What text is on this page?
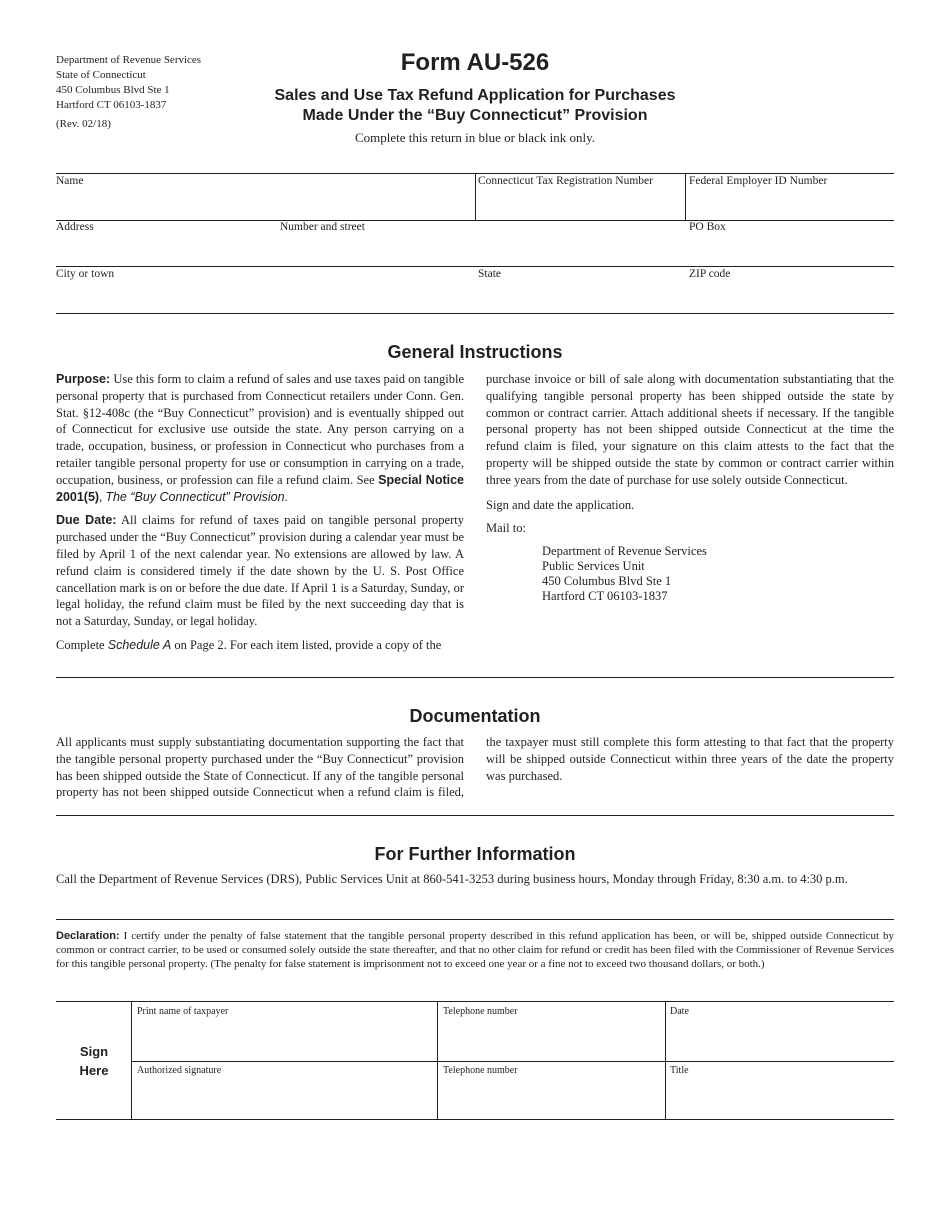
Department of Revenue Services
State of Connecticut
450 Columbus Blvd Ste 1
Hartford CT 06103-1837
(Rev. 02/18)
Form AU-526
Sales and Use Tax Refund Application for Purchases
Made Under the “Buy Connecticut” Provision
Complete this return in blue or black ink only.
Name	Connecticut Tax Registration Number	Federal Employer ID Number
Address	Number and street	PO Box
City or town	State	ZIP code
General Instructions

Purpose: Use this form to claim a refund of sales and use taxes paid on tangible personal property that is purchased from Connecticut retailers under Conn. Gen. Stat. §12-408c (the “Buy Connecticut” provision) and is eventually shipped out of Connecticut for exclusive use outside the state. Any person carrying on a trade, occupation, business, or profession in Connecticut who purchases from a retailer tangible personal property for use or consumption in carrying on a trade, occupation, business, or profession can file a refund claim. See Special Notice 2001(5), The “Buy Connecticut” Provision.

Due Date: All claims for refund of taxes paid on tangible personal property purchased under the “Buy Connecticut” provision during a calendar year must be filed by April 1 of the next calendar year. No extensions are allowed by law. A refund claim is considered timely if the date shown by the U. S. Post Office cancellation mark is on or before the due date. If April 1 is a Saturday, Sunday, or legal holiday, the refund claim must be filed by the next succeeding day that is not a Saturday, Sunday, or legal holiday.

Complete Schedule A on Page 2. For each item listed, provide a copy of the

purchase invoice or bill of sale along with documentation substantiating that the qualifying tangible personal property has been shipped outside the state by common or contract carrier. Attach additional sheets if necessary. If the tangible personal property has not been shipped outside Connecticut at the time the refund claim is filed, your signature on this claim attests to the fact that the property will be shipped outside the state by common or contract carrier within three years from the date of purchase for use solely outside Connecticut.

Sign and date the application.

Mail to:

Department of Revenue Services
Public Services Unit
450 Columbus Blvd Ste 1
Hartford CT 06103-1837
Documentation
All applicants must supply substantiating documentation supporting the fact that the tangible personal property purchased under the “Buy Connecticut” provision has been shipped outside the State of Connecticut. If any of the tangible personal property has not been shipped outside Connecticut when a refund claim is filed, the taxpayer must still complete this form attesting to that fact that the property will be shipped outside Connecticut within three years of the date the property was purchased.
For Further Information
Call the Department of Revenue Services (DRS), Public Services Unit at 860-541-3253 during business hours, Monday through Friday, 8:30 a.m. to 4:30 p.m.
Declaration: I certify under the penalty of false statement that the tangible personal property described in this refund application has been, or will be, shipped outside Connecticut by common or contract carrier, to be used or consumed solely outside the state thereafter, and that no other claim for refund or credit has been filed with the Commissioner of Revenue Services for this tangible personal property. (The penalty for false statement is imprisonment not to exceed one year or a fine not to exceed two thousand dollars, or both.)
Sign
Here
Print name of taxpayer	Telephone number	Date
Authorized signature	Telephone number	Title
